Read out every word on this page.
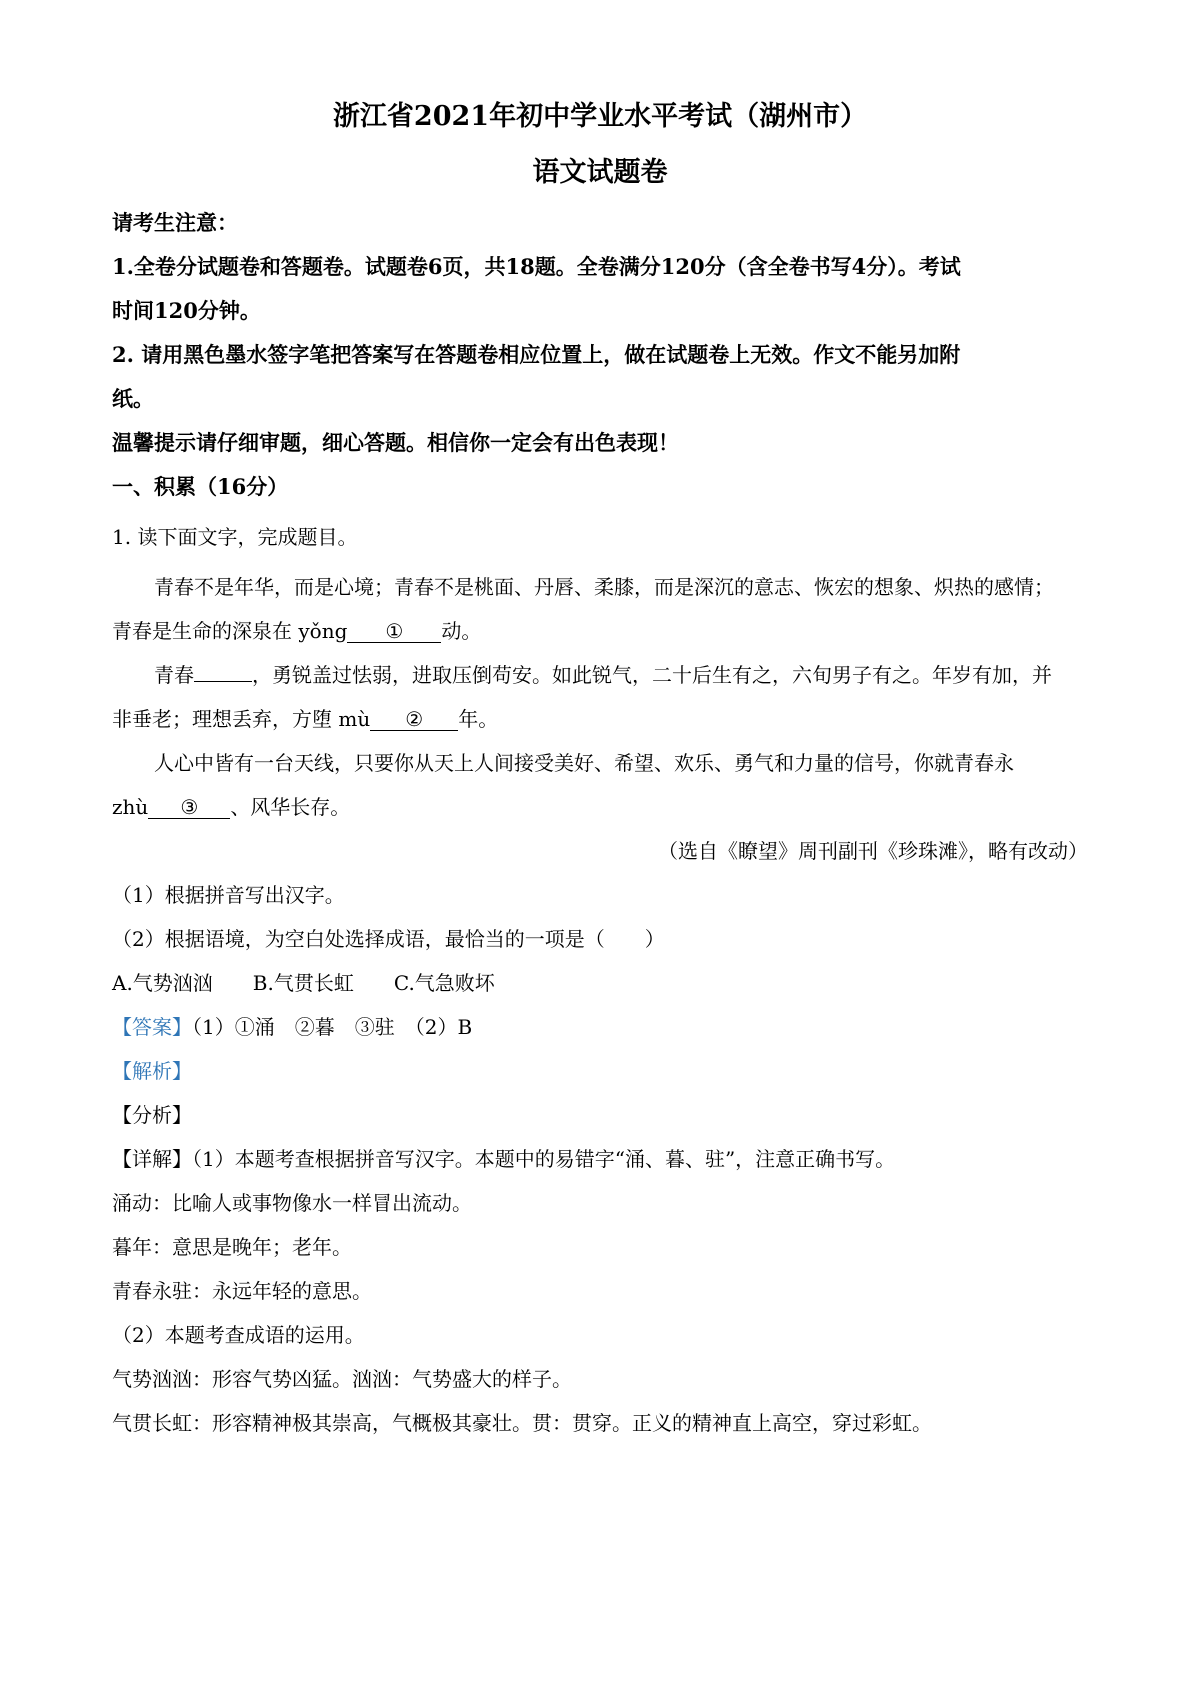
浙江省2021年初中学业水平考试（湖州市）
语文试题卷
请考生注意：
1.全卷分试题卷和答题卷。试题卷6页，共18题。全卷满分120分（含全卷书写4分）。考试
时间120分钟。
2. 请用黑色墨水签字笔把答案写在答题卷相应位置上，做在试题卷上无效。作文不能另加附
纸。
温馨提示请仔细审题，细心答题。相信你一定会有出色表现！
一、积累（16分）
1. 读下面文字，完成题目。
青春不是年华，而是心境；青春不是桃面、丹唇、柔膝，而是深沉的意志、恢宏的想象、炽热的感情；
青春是生命的深泉在 yǒng ① 动。
青春	，勇锐盖过怯弱，进取压倒苟安。如此锐气，二十后生有之，六旬男子有之。年岁有加，并
非垂老；理想丢弃，方堕 mù ② 年。
人心中皆有一台天线，只要你从天上人间接受美好、希望、欢乐、勇气和力量的信号，你就青春永
zhù ③ 、风华长存。
（选自《瞭望》周刊副刊《珍珠滩》，略有改动）
（1）根据拼音写出汉字。
（2）根据语境，为空白处选择成语，最恰当的一项是（　　）
A.气势汹汹　　B.气贯长虹　　C.气急败坏
【答案】（1）①涌　②暮　③驻　（2）B
【解析】
【分析】
【详解】（1）本题考查根据拼音写汉字。本题中的易错字“涌、暮、驻”，注意正确书写。
涌动：比喻人或事物像水一样冒出流动。
暮年：意思是晚年；老年。
青春永驻：永远年轻的意思。
（2）本题考查成语的运用。
气势汹汹：形容气势凶猛。汹汹：气势盛大的样子。
气贯长虹：形容精神极其崇高，气概极其豪壮。贯：贯穿。正义的精神直上高空，穿过彩虹。
